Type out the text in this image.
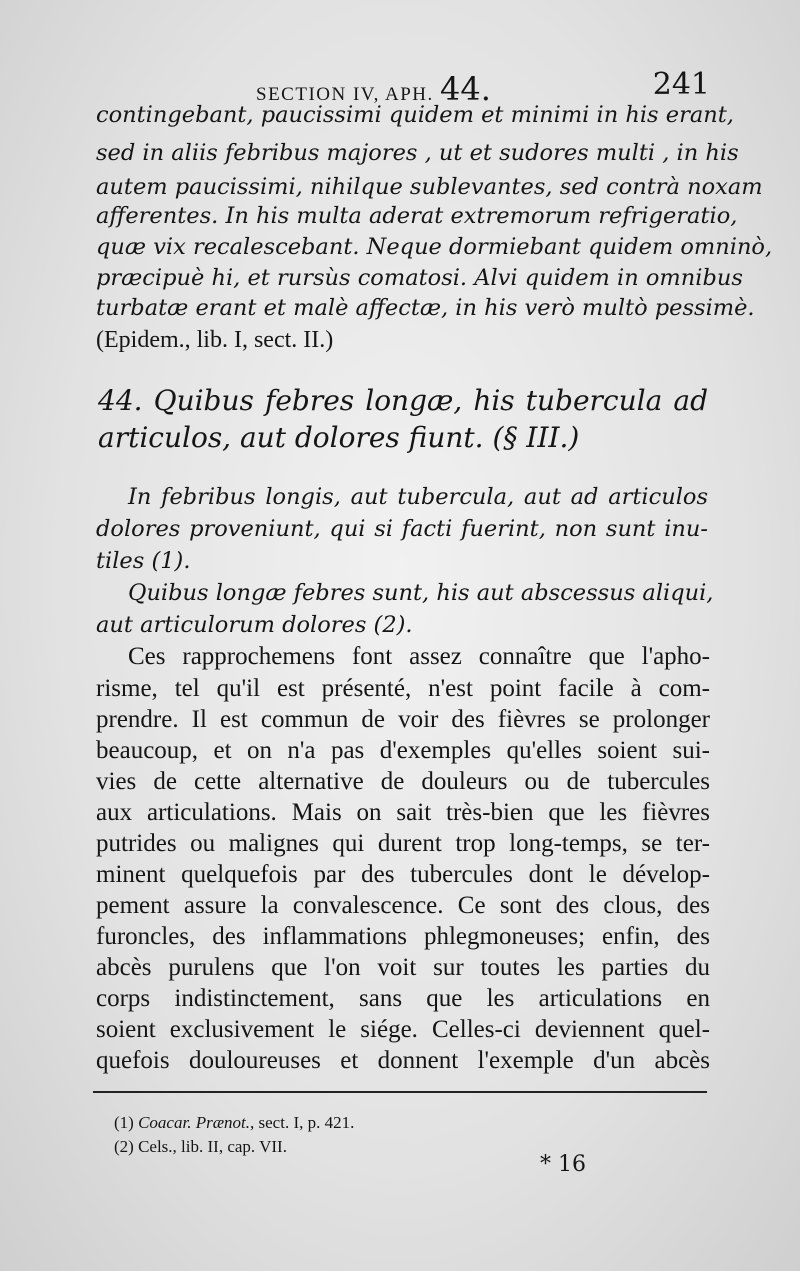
SECTION IV, APH. 44.	241
contingebant, paucissimi quidem et minimi in his erant,
sed in aliis febribus majores , ut et sudores multi , in his
autem paucissimi, nihilque sublevantes, sed contrà noxam
afferentes. In his multa aderat extremorum refrigeratio,
quæ vix recalescebant. Neque dormiebant quidem omninò,
præcipuè hi, et rursùs comatosi. Alvi quidem in omnibus
turbatæ erant et malè affectæ, in his verò multò pessimè.
(Epidem., lib. I, sect. II.)
44. Quibus febres longæ, his tubercula ad
articulos, aut dolores fiunt. (§ III.)
In febribus longis, aut tubercula, aut ad articulos
dolores proveniunt, qui si facti fuerint, non sunt inu-
tiles (1).
Quibus longæ febres sunt, his aut abscessus aliqui,
aut articulorum dolores (2).
Ces rapprochemens font assez connaître que l'apho-
risme, tel qu'il est présenté, n'est point facile à com-
prendre. Il est commun de voir des fièvres se prolonger
beaucoup, et on n'a pas d'exemples qu'elles soient sui-
vies de cette alternative de douleurs ou de tubercules
aux articulations. Mais on sait très-bien que les fièvres
putrides ou malignes qui durent trop long-temps, se ter-
minent quelquefois par des tubercules dont le dévelop-
pement assure la convalescence. Ce sont des clous, des
furoncles, des inflammations phlegmoneuses; enfin, des
abcès purulens que l'on voit sur toutes les parties du
corps indistinctement, sans que les articulations en
soient exclusivement le siége. Celles-ci deviennent quel-
quefois douloureuses et donnent l'exemple d'un abcès
(1) Coacar. Prænot., sect. I, p. 421.
(2) Cels., lib. II, cap. VII.
* 16
